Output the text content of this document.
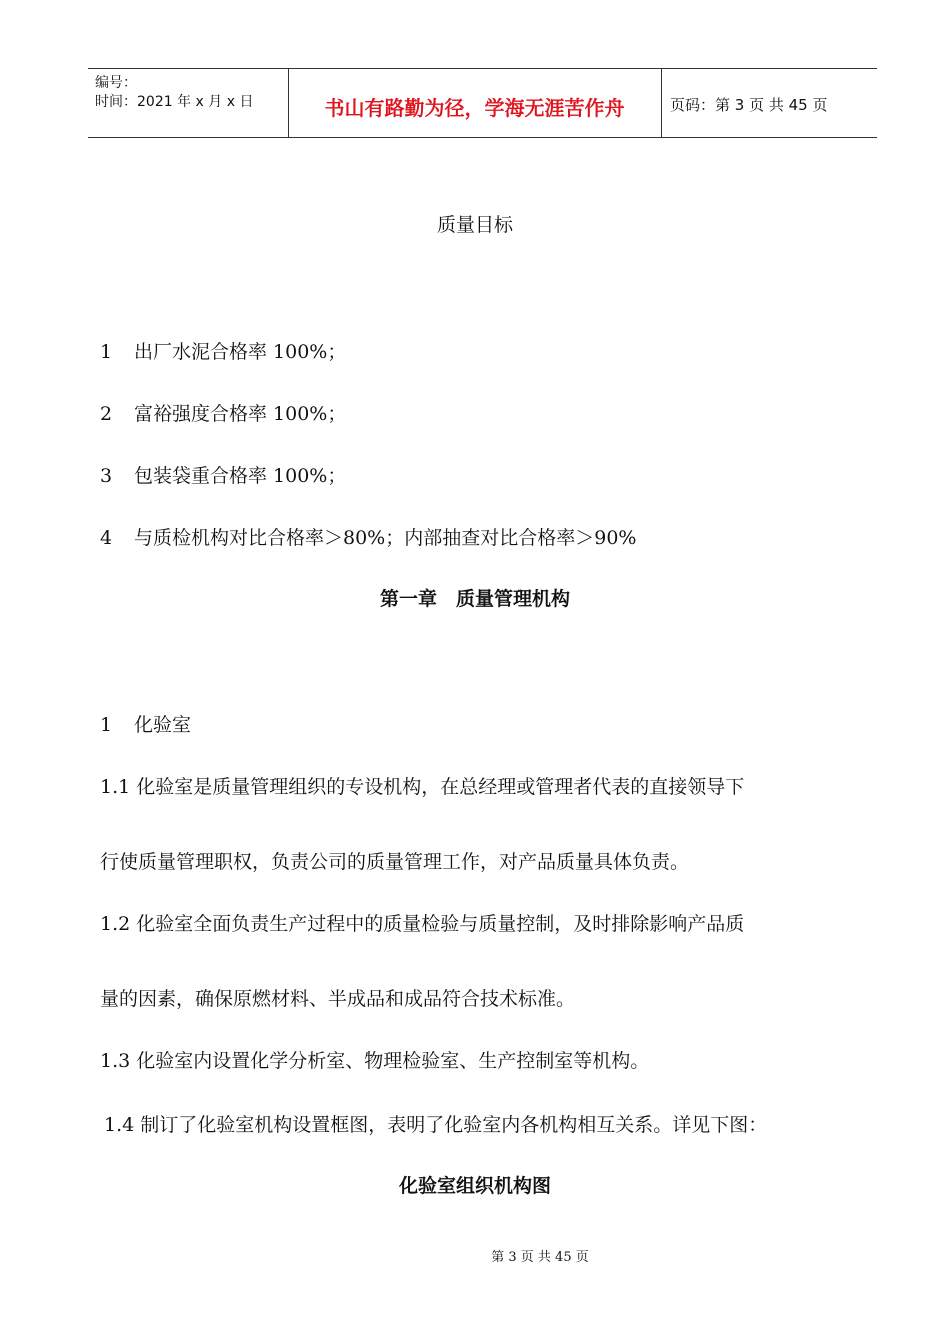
编号：
时间：2021 年 x 月 x 日	书山有路勤为径，学海无涯苦作舟	页码：第 3 页 共 45 页
质量目标
1 出厂水泥合格率 100%；
2 富裕强度合格率 100%；
3 包装袋重合格率 100%；
4 与质检机构对比合格率＞80%；内部抽查对比合格率＞90%
第一章　质量管理机构
1 化验室
1.1 化验室是质量管理组织的专设机构，在总经理或管理者代表的直接领导下
行使质量管理职权，负责公司的质量管理工作，对产品质量具体负责。
1.2 化验室全面负责生产过程中的质量检验与质量控制，及时排除影响产品质
量的因素，确保原燃材料、半成品和成品符合技术标准。
1.3 化验室内设置化学分析室、物理检验室、生产控制室等机构。
1.4 制订了化验室机构设置框图，表明了化验室内各机构相互关系。详见下图：
化验室组织机构图
第 3 页 共 45 页
